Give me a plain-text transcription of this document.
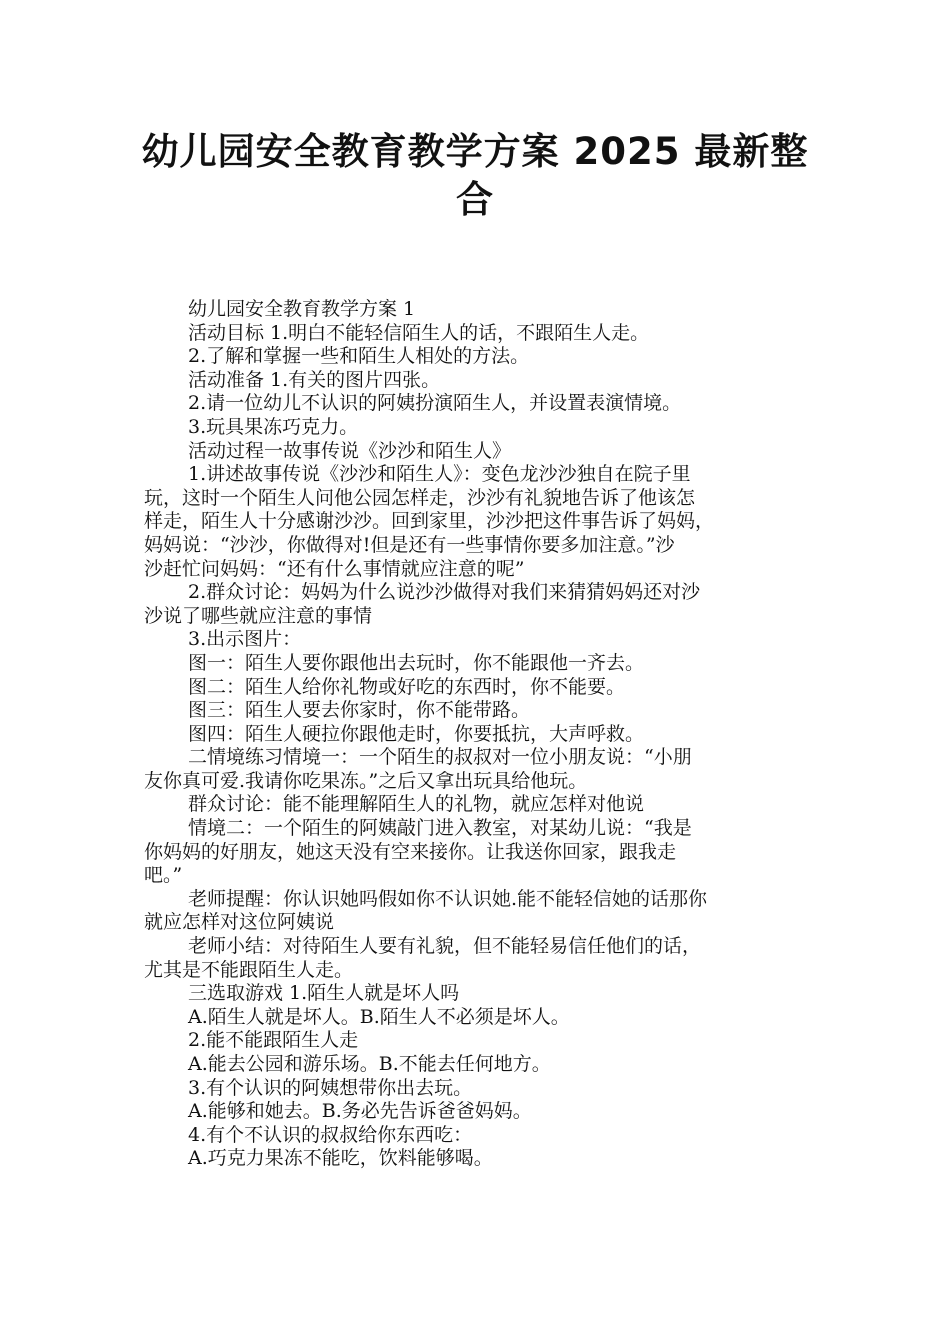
幼儿园安全教育教学方案 2025 最新整
合
幼儿园安全教育教学方案 1
活动目标 1.明白不能轻信陌生人的话，不跟陌生人走。
2.了解和掌握一些和陌生人相处的方法。
活动准备 1.有关的图片四张。
2.请一位幼儿不认识的阿姨扮演陌生人，并设置表演情境。
3.玩具果冻巧克力。
活动过程一故事传说《沙沙和陌生人》
1.讲述故事传说《沙沙和陌生人》：变色龙沙沙独自在院子里
玩，这时一个陌生人问他公园怎样走，沙沙有礼貌地告诉了他该怎
样走，陌生人十分感谢沙沙。回到家里，沙沙把这件事告诉了妈妈，
妈妈说：“沙沙，你做得对!但是还有一些事情你要多加注意。”沙
沙赶忙问妈妈：“还有什么事情就应注意的呢”
2.群众讨论：妈妈为什么说沙沙做得对我们来猜猜妈妈还对沙
沙说了哪些就应注意的事情
3.出示图片：
图一：陌生人要你跟他出去玩时，你不能跟他一齐去。
图二：陌生人给你礼物或好吃的东西时，你不能要。
图三：陌生人要去你家时，你不能带路。
图四：陌生人硬拉你跟他走时，你要抵抗，大声呼救。
二情境练习情境一：一个陌生的叔叔对一位小朋友说：“小朋
友你真可爱.我请你吃果冻。”之后又拿出玩具给他玩。
群众讨论：能不能理解陌生人的礼物，就应怎样对他说
情境二：一个陌生的阿姨敲门进入教室，对某幼儿说：“我是
你妈妈的好朋友，她这天没有空来接你。让我送你回家，跟我走
吧。”
老师提醒：你认识她吗假如你不认识她.能不能轻信她的话那你
就应怎样对这位阿姨说
老师小结：对待陌生人要有礼貌，但不能轻易信任他们的话，
尤其是不能跟陌生人走。
三选取游戏 1.陌生人就是坏人吗
A.陌生人就是坏人。B.陌生人不必须是坏人。
2.能不能跟陌生人走
A.能去公园和游乐场。B.不能去任何地方。
3.有个认识的阿姨想带你出去玩。
A.能够和她去。B.务必先告诉爸爸妈妈。
4.有个不认识的叔叔给你东西吃：
A.巧克力果冻不能吃，饮料能够喝。
